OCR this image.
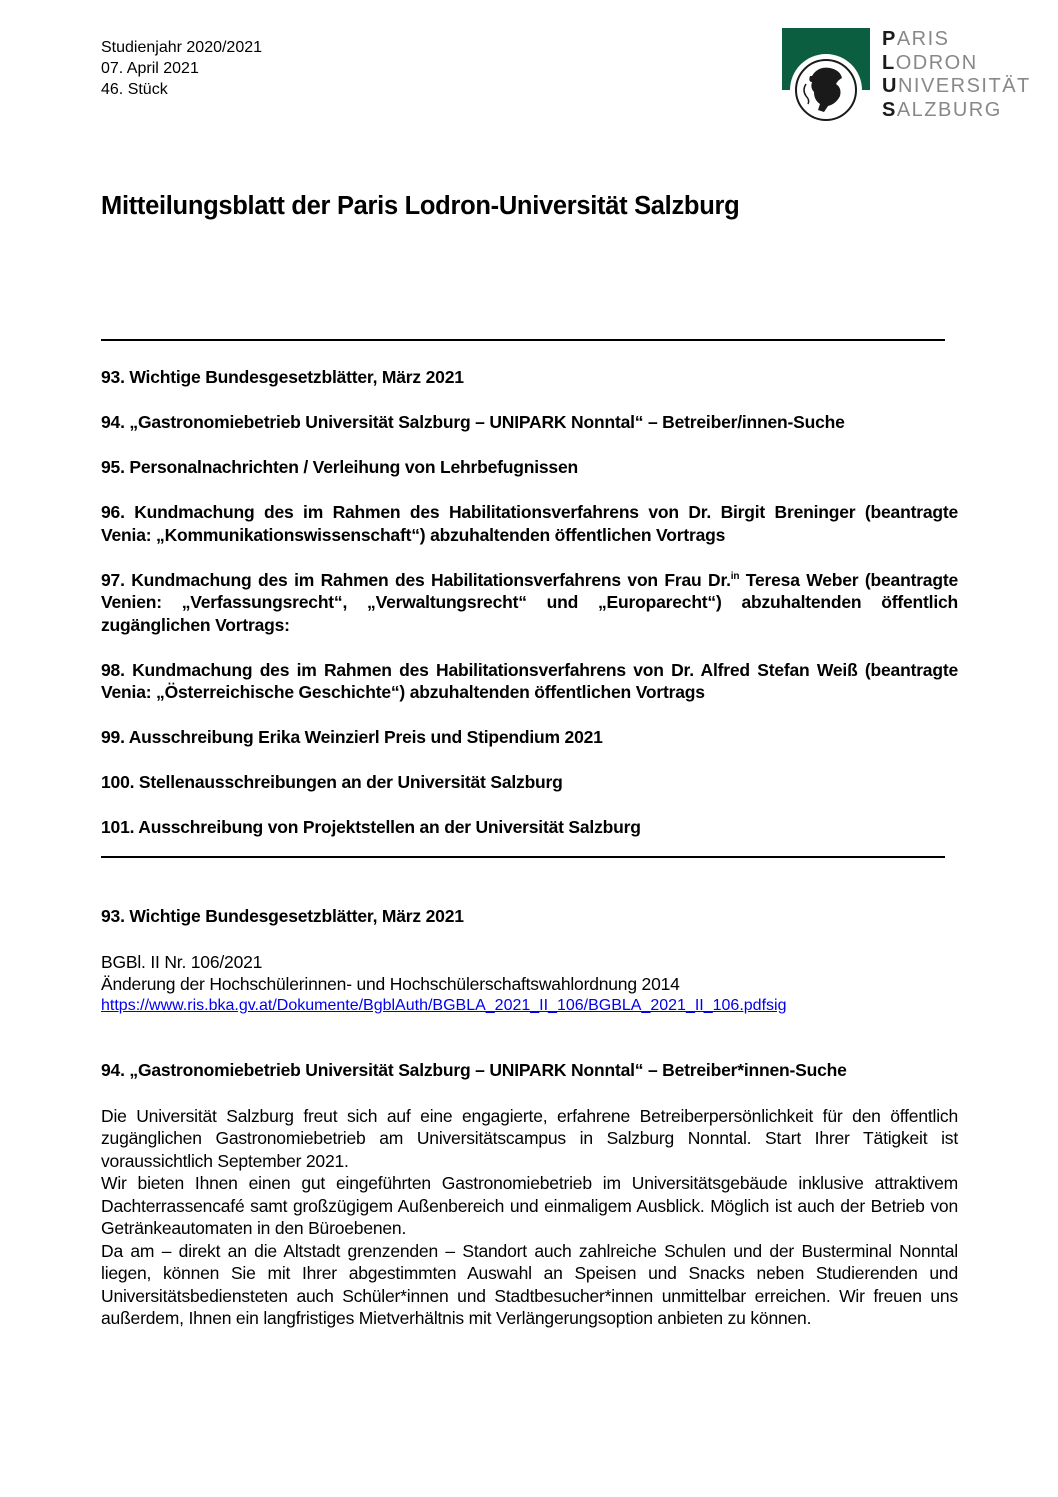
Studienjahr 2020/2021
07. April 2021
46. Stück
PARIS
LODRON
UNIVERSITÄT
SALZBURG
Mitteilungsblatt der Paris Lodron-Universität Salzburg
93. Wichtige Bundesgesetzblätter, März 2021
94. „Gastronomiebetrieb Universität Salzburg – UNIPARK Nonntal“ – Betreiber/innen-Suche
95. Personalnachrichten / Verleihung von Lehrbefugnissen
96. Kundmachung des im Rahmen des Habilitationsverfahrens von Dr. Birgit Breninger (beantragte Venia: „Kommunikationswissenschaft“) abzuhaltenden öffentlichen Vortrags
97. Kundmachung des im Rahmen des Habilitationsverfahrens von Frau Dr.$^{in}$ Teresa Weber (beantragte Venien: „Verfassungsrecht“, „Verwaltungsrecht“ und „Europarecht“) abzuhaltenden öffentlich zugänglichen Vortrags:
98. Kundmachung des im Rahmen des Habilitationsverfahrens von Dr. Alfred Stefan Weiß (beantragte Venia: „Österreichische Geschichte“) abzuhaltenden öffentlichen Vortrags
99. Ausschreibung Erika Weinzierl Preis und Stipendium 2021
100. Stellenausschreibungen an der Universität Salzburg
101. Ausschreibung von Projektstellen an der Universität Salzburg
93. Wichtige Bundesgesetzblätter, März 2021
BGBl. II Nr. 106/2021
Änderung der Hochschülerinnen- und Hochschülerschaftswahlordnung 2014
https://www.ris.bka.gv.at/Dokumente/BgblAuth/BGBLA_2021_II_106/BGBLA_2021_II_106.pdfsig
94. „Gastronomiebetrieb Universität Salzburg – UNIPARK Nonntal“ – Betreiber*innen-Suche
Die Universität Salzburg freut sich auf eine engagierte, erfahrene Betreiberpersönlichkeit für den öffentlich zugänglichen Gastronomiebetrieb am Universitätscampus in Salzburg Nonntal. Start Ihrer Tätigkeit ist voraussichtlich September 2021.
Wir bieten Ihnen einen gut eingeführten Gastronomiebetrieb im Universitätsgebäude inklusive attraktivem Dachterrassencafé samt großzügigem Außenbereich und einmaligem Ausblick. Möglich ist auch der Betrieb von Getränkeautomaten in den Büroebenen.
Da am – direkt an die Altstadt grenzenden – Standort auch zahlreiche Schulen und der Busterminal Nonntal liegen, können Sie mit Ihrer abgestimmten Auswahl an Speisen und Snacks neben Studierenden und Universitätsbediensteten auch Schüler*innen und Stadtbesucher*innen unmittelbar erreichen. Wir freuen uns außerdem, Ihnen ein langfristiges Mietverhältnis mit Verlängerungsoption anbieten zu können.
